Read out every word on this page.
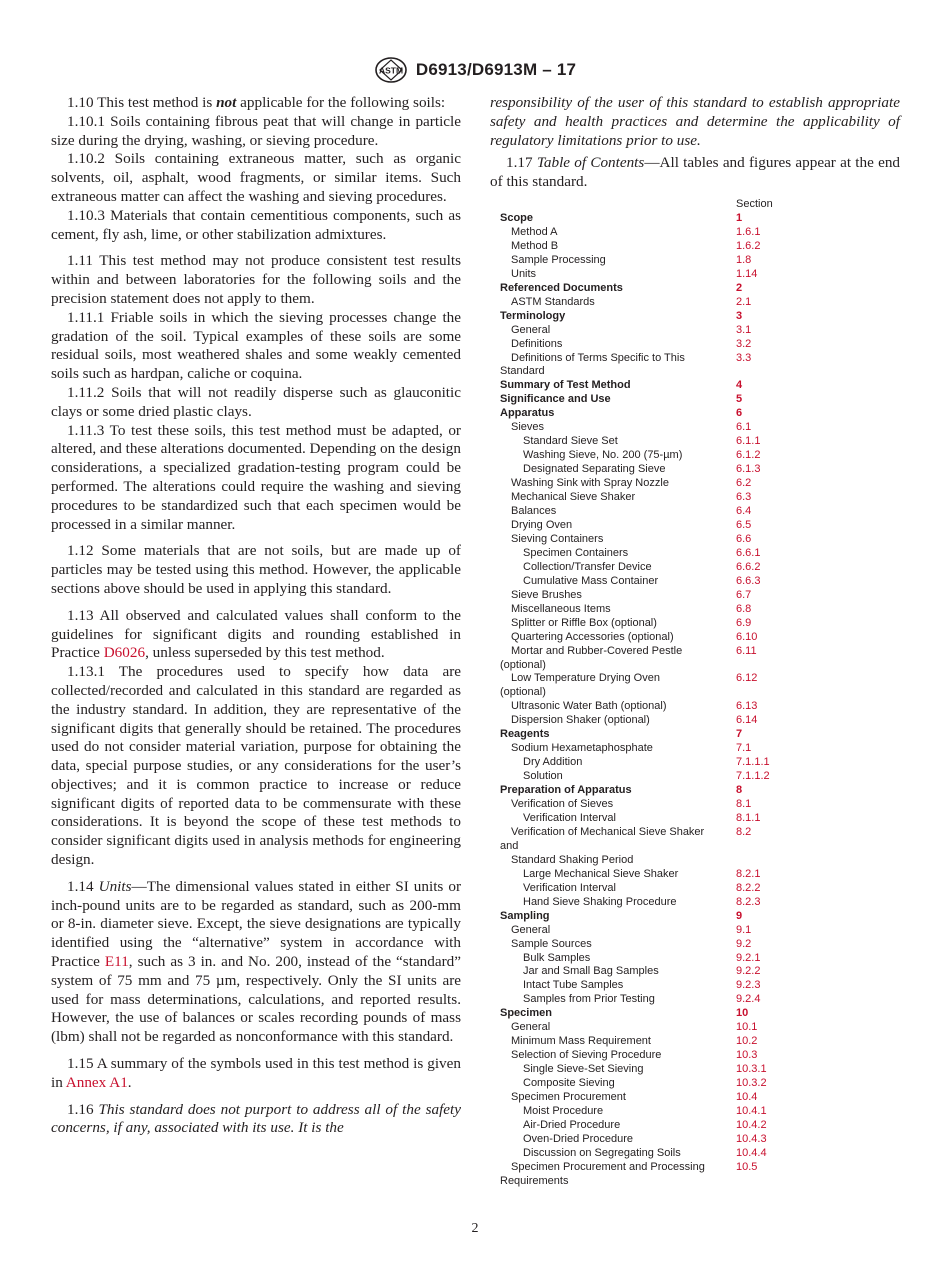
ASTM D6913/D6913M – 17

1.10 This test method is not applicable for the following soils:

1.10.1 Soils containing fibrous peat that will change in particle size during the drying, washing, or sieving procedure.

1.10.2 Soils containing extraneous matter, such as organic solvents, oil, asphalt, wood fragments, or similar items. Such extraneous matter can affect the washing and sieving procedures.

1.10.3 Materials that contain cementitious components, such as cement, fly ash, lime, or other stabilization admixtures.

1.11 This test method may not produce consistent test results within and between laboratories for the following soils and the precision statement does not apply to them.

1.11.1 Friable soils in which the sieving processes change the gradation of the soil. Typical examples of these soils are some residual soils, most weathered shales and some weakly cemented soils such as hardpan, caliche or coquina.

1.11.2 Soils that will not readily disperse such as glauconitic clays or some dried plastic clays.

1.11.3 To test these soils, this test method must be adapted, or altered, and these alterations documented. Depending on the design considerations, a specialized gradation-testing program could be performed. The alterations could require the washing and sieving procedures to be standardized such that each specimen would be processed in a similar manner.

1.12 Some materials that are not soils, but are made up of particles may be tested using this method. However, the applicable sections above should be used in applying this standard.

1.13 All observed and calculated values shall conform to the guidelines for significant digits and rounding established in Practice D6026, unless superseded by this test method.

1.13.1 The procedures used to specify how data are collected/recorded and calculated in this standard are regarded as the industry standard. In addition, they are representative of the significant digits that generally should be retained. The procedures used do not consider material variation, purpose for obtaining the data, special purpose studies, or any considerations for the user’s objectives; and it is common practice to increase or reduce significant digits of reported data to be commensurate with these considerations. It is beyond the scope of these test methods to consider significant digits used in analysis methods for engineering design.

1.14 Units—The dimensional values stated in either SI units or inch-pound units are to be regarded as standard, such as 200-mm or 8-in. diameter sieve. Except, the sieve designations are typically identified using the “alternative” system in accordance with Practice E11, such as 3 in. and No. 200, instead of the “standard” system of 75 mm and 75 µm, respectively. Only the SI units are used for mass determinations, calculations, and reported results. However, the use of balances or scales recording pounds of mass (lbm) shall not be regarded as nonconformance with this standard.

1.15 A summary of the symbols used in this test method is given in Annex A1.

1.16 This standard does not purport to address all of the safety concerns, if any, associated with its use. It is the

responsibility of the user of this standard to establish appropriate safety and health practices and determine the applicability of regulatory limitations prior to use.

1.17 Table of Contents—All tables and figures appear at the end of this standard.

Section
Scope	1
Method A	1.6.1
Method B	1.6.2
Sample Processing	1.8
Units	1.14
Referenced Documents	2
ASTM Standards	2.1
Terminology	3
General	3.1
Definitions	3.2
Definitions of Terms Specific to This	3.3
Standard
Summary of Test Method	4
Significance and Use	5
Apparatus	6
Sieves	6.1
Standard Sieve Set	6.1.1
Washing Sieve, No. 200 (75-µm)	6.1.2
Designated Separating Sieve	6.1.3
Washing Sink with Spray Nozzle	6.2
Mechanical Sieve Shaker	6.3
Balances	6.4
Drying Oven	6.5
Sieving Containers	6.6
Specimen Containers	6.6.1
Collection/Transfer Device	6.6.2
Cumulative Mass Container	6.6.3
Sieve Brushes	6.7
Miscellaneous Items	6.8
Splitter or Riffle Box (optional)	6.9
Quartering Accessories (optional)	6.10
Mortar and Rubber-Covered Pestle	6.11
(optional)
Low Temperature Drying Oven	6.12
(optional)
Ultrasonic Water Bath (optional)	6.13
Dispersion Shaker (optional)	6.14
Reagents	7
Sodium Hexametaphosphate	7.1
Dry Addition	7.1.1.1
Solution	7.1.1.2
Preparation of Apparatus	8
Verification of Sieves	8.1
Verification Interval	8.1.1
Verification of Mechanical Sieve Shaker	8.2
and
Standard Shaking Period
Large Mechanical Sieve Shaker	8.2.1
Verification Interval	8.2.2
Hand Sieve Shaking Procedure	8.2.3
Sampling	9
General	9.1
Sample Sources	9.2
Bulk Samples	9.2.1
Jar and Small Bag Samples	9.2.2
Intact Tube Samples	9.2.3
Samples from Prior Testing	9.2.4
Specimen	10
General	10.1
Minimum Mass Requirement	10.2
Selection of Sieving Procedure	10.3
Single Sieve-Set Sieving	10.3.1
Composite Sieving	10.3.2
Specimen Procurement	10.4
Moist Procedure	10.4.1
Air-Dried Procedure	10.4.2
Oven-Dried Procedure	10.4.3
Discussion on Segregating Soils	10.4.4
Specimen Procurement and Processing	10.5
Requirements
2
